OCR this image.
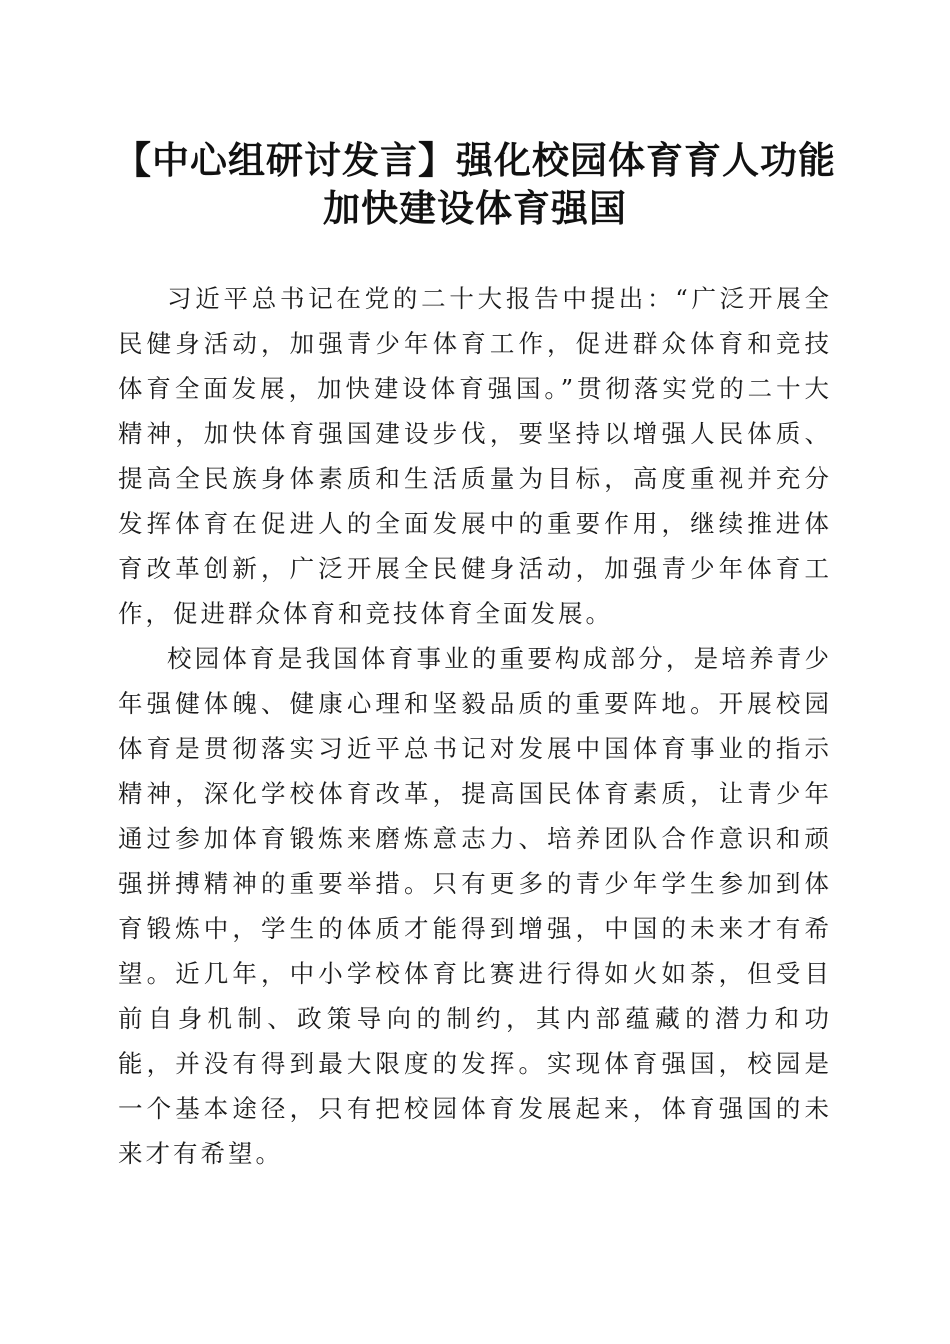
【中心组研讨发言】强化校园体育育人功能加快建设体育强国

习近平总书记在党的二十大报告中提出：“广泛开展全民健身活动，加强青少年体育工作，促进群众体育和竞技体育全面发展，加快建设体育强国。”贯彻落实党的二十大精神，加快体育强国建设步伐，要坚持以增强人民体质、提高全民族身体素质和生活质量为目标，高度重视并充分发挥体育在促进人的全面发展中的重要作用，继续推进体育改革创新，广泛开展全民健身活动，加强青少年体育工作，促进群众体育和竞技体育全面发展。

校园体育是我国体育事业的重要构成部分，是培养青少年强健体魄、健康心理和坚毅品质的重要阵地。开展校园体育是贯彻落实习近平总书记对发展中国体育事业的指示精神，深化学校体育改革，提高国民体育素质，让青少年通过参加体育锻炼来磨炼意志力、培养团队合作意识和顽强拼搏精神的重要举措。只有更多的青少年学生参加到体育锻炼中，学生的体质才能得到增强，中国的未来才有希望。近几年，中小学校体育比赛进行得如火如荼，但受目前自身机制、政策导向的制约，其内部蕴藏的潜力和功能，并没有得到最大限度的发挥。实现体育强国，校园是一个基本途径，只有把校园体育发展起来，体育强国的未来才有希望。
